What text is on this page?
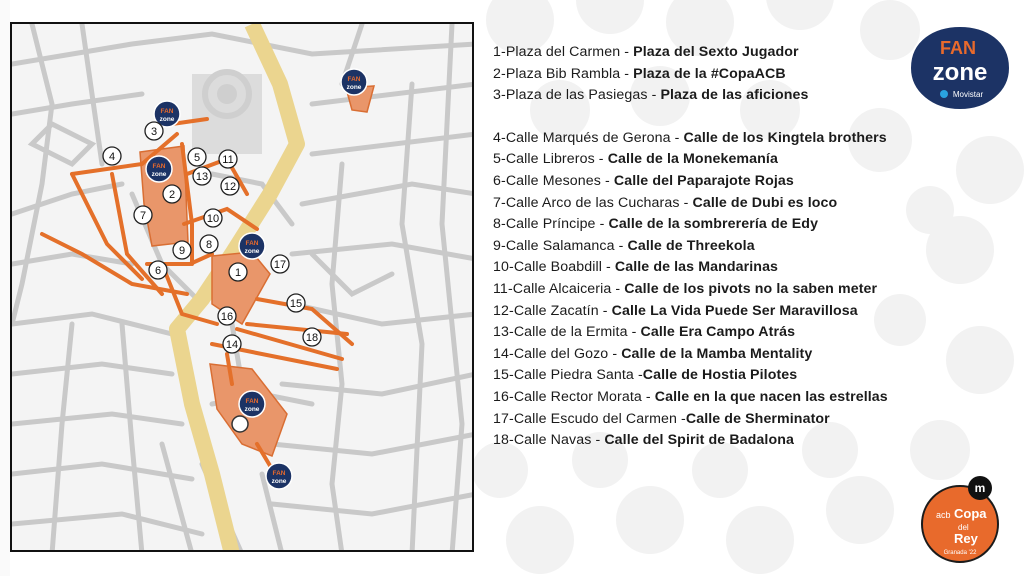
FAN
zone
FAN
zone
FAN
zone
FAN
zone
FAN
zone
FAN
zone
1
2
3
4	5
6
7
8
9
10
11
12
13
14
15
16
17
18
1-Plaza del Carmen - Plaza del Sexto Jugador
2-Plaza Bib Rambla - Plaza de la #CopaACB
3-Plaza de las Pasiegas - Plaza de las aficiones
4-Calle Marqués de Gerona - Calle de los Kingtela brothers
5-Calle Libreros - Calle de la Monekemanía
6-Calle Mesones - Calle del Paparajote Rojas
7-Calle Arco de las Cucharas - Calle de Dubi es loco
8-Calle Príncipe - Calle de la sombrerería de Edy
9-Calle Salamanca - Calle de Threekola
10-Calle Boabdill - Calle de las Mandarinas
11-Calle Alcaiceria - Calle de los pivots no la saben meter
12-Calle Zacatín - Calle La Vida Puede Ser Maravillosa
13-Calle de la Ermita - Calle Era Campo Atrás
14-Calle del Gozo - Calle de la Mamba Mentality
15-Calle Piedra Santa -Calle de Hostia Pilotes
16-Calle Rector Morata - Calle en la que nacen las estrellas
17-Calle Escudo del Carmen -Calle de Sherminator
18-Calle Navas - Calle del Spirit de Badalona
FAN
zone
Movistar
m
acb Copa
del
Rey
Granada '22
